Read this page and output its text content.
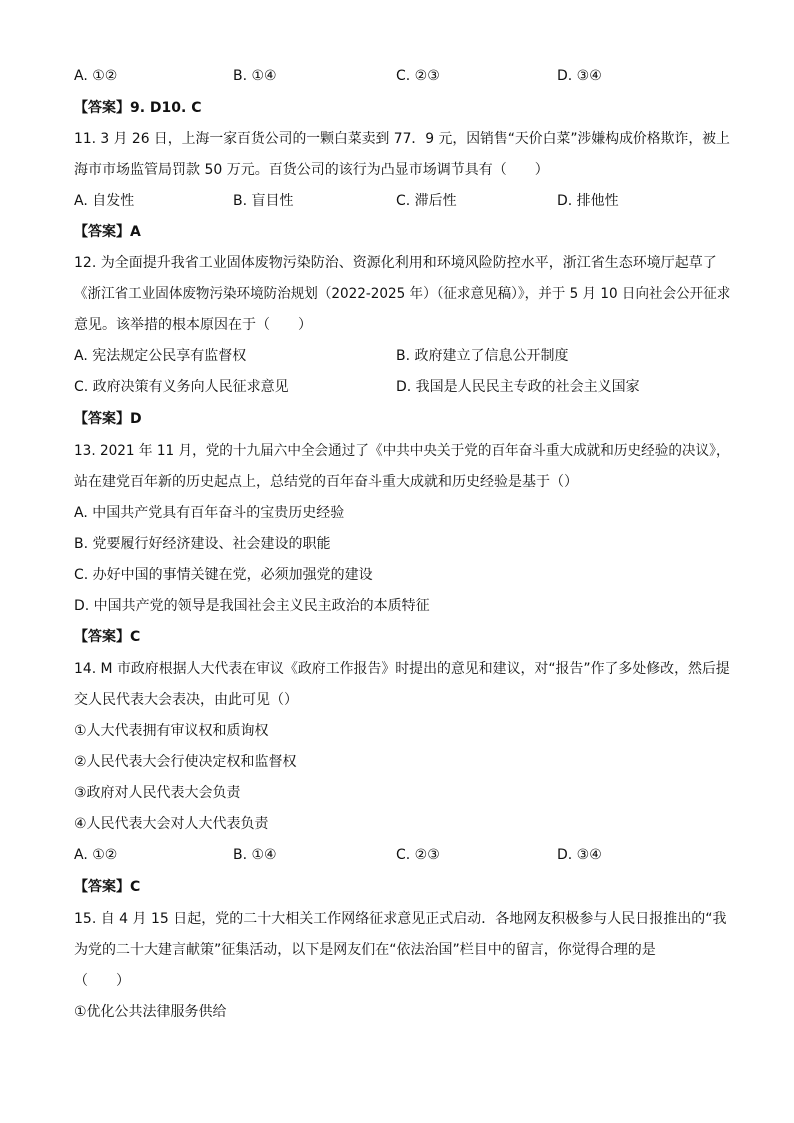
A. ①②	B. ①④	C. ②③	D. ③④
【答案】9. D10. C
11. 3 月 26 日，上海一家百货公司的一颗白菜卖到 77．9 元，因销售“天价白菜”涉嫌构成价格欺诈，被上
海市市场监管局罚款 50 万元。百货公司的该行为凸显市场调节具有（　　）
A. 自发性	B. 盲目性	C. 滞后性	D. 排他性
【答案】A
12. 为全面提升我省工业固体废物污染防治、资源化利用和环境风险防控水平，浙江省生态环境厅起草了
《浙江省工业固体废物污染环境防治规划（2022-2025 年）（征求意见稿）》，并于 5 月 10 日向社会公开征求
意见。该举措的根本原因在于（　　）
A. 宪法规定公民享有监督权	B. 政府建立了信息公开制度
C. 政府决策有义务向人民征求意见	D. 我国是人民民主专政的社会主义国家
【答案】D
13. 2021 年 11 月，党的十九届六中全会通过了《中共中央关于党的百年奋斗重大成就和历史经验的决议》，
站在建党百年新的历史起点上，总结党的百年奋斗重大成就和历史经验是基于（）
A. 中国共产党具有百年奋斗的宝贵历史经验
B. 党要履行好经济建设、社会建设的职能
C. 办好中国的事情关键在党，必须加强党的建设
D. 中国共产党的领导是我国社会主义民主政治的本质特征
【答案】C
14. M 市政府根据人大代表在审议《政府工作报告》时提出的意见和建议，对“报告”作了多处修改，然后提
交人民代表大会表决，由此可见（）
①人大代表拥有审议权和质询权
②人民代表大会行使决定权和监督权
③政府对人民代表大会负责
④人民代表大会对人大代表负责
A. ①②	B. ①④	C. ②③	D. ③④
【答案】C
15. 自 4 月 15 日起，党的二十大相关工作网络征求意见正式启动．各地网友积极参与人民日报推出的“我
为党的二十大建言献策”征集活动，以下是网友们在“依法治国”栏目中的留言，你觉得合理的是
（　　）
①优化公共法律服务供给
